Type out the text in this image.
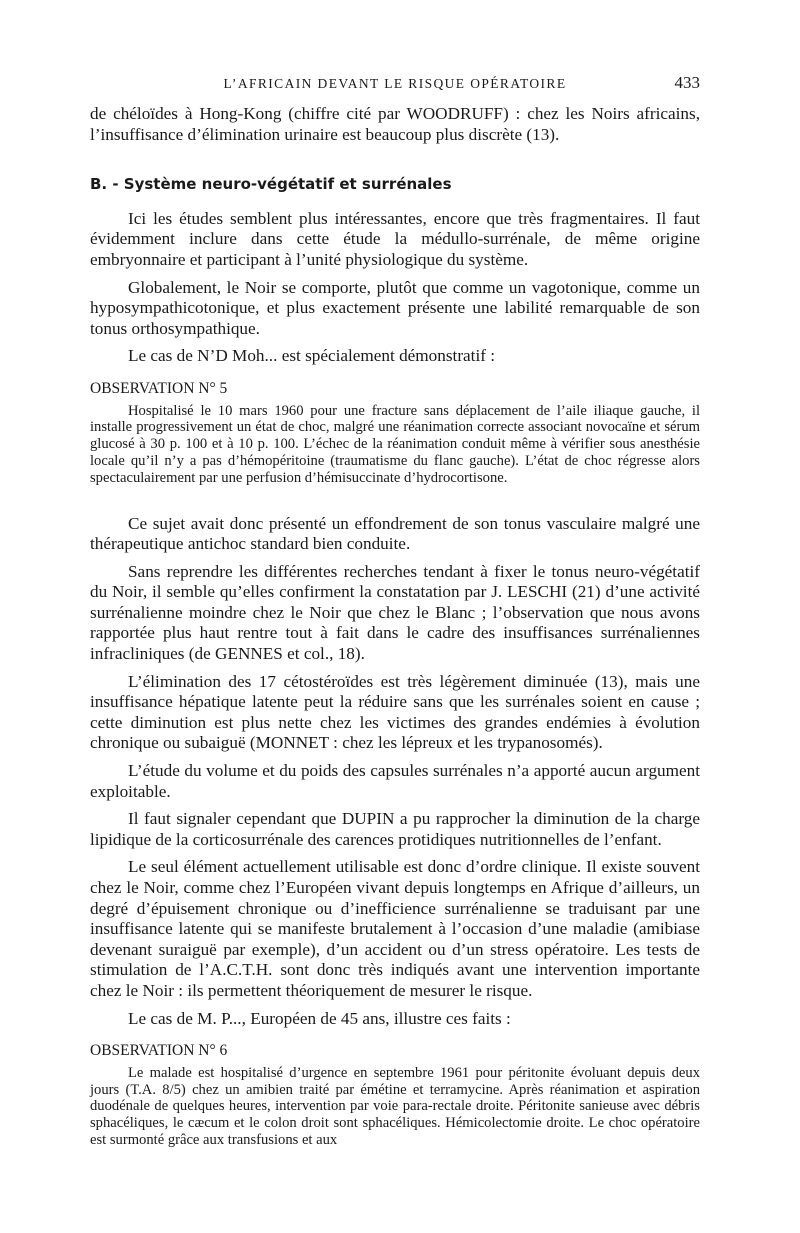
L’AFRICAIN DEVANT LE RISQUE OPÉRATOIRE	433

de chéloïdes à Hong-Kong (chiffre cité par WOODRUFF) : chez les Noirs africains, l’insuffisance d’élimination urinaire est beaucoup plus discrète (13).

B. - Système neuro-végétatif et surrénales

Ici les études semblent plus intéressantes, encore que très fragmentaires. Il faut évidemment inclure dans cette étude la médullo-surrénale, de même origine embryonnaire et participant à l’unité physiologique du système.

Globalement, le Noir se comporte, plutôt que comme un vagotonique, comme un hyposympathicotonique, et plus exactement présente une labilité remarquable de son tonus orthosympathique.

Le cas de N’D Moh... est spécialement démonstratif :

OBSERVATION N° 5

Hospitalisé le 10 mars 1960 pour une fracture sans déplacement de l’aile iliaque gauche, il installe progressivement un état de choc, malgré une réanimation correcte associant novocaïne et sérum glucosé à 30 p. 100 et à 10 p. 100. L’échec de la réanimation conduit même à vérifier sous anesthésie locale qu’il n’y a pas d’hémopéritoine (traumatisme du flanc gauche). L’état de choc régresse alors spectaculairement par une perfusion d’hémisuccinate d’hydrocortisone.

Ce sujet avait donc présenté un effondrement de son tonus vasculaire malgré une thérapeutique antichoc standard bien conduite.

Sans reprendre les différentes recherches tendant à fixer le tonus neuro-végétatif du Noir, il semble qu’elles confirment la constatation par J. LESCHI (21) d’une activité surrénalienne moindre chez le Noir que chez le Blanc ; l’observation que nous avons rapportée plus haut rentre tout à fait dans le cadre des insuffisances surrénaliennes infracliniques (de GENNES et col., 18).

L’élimination des 17 cétostéroïdes est très légèrement diminuée (13), mais une insuffisance hépatique latente peut la réduire sans que les surrénales soient en cause ; cette diminution est plus nette chez les victimes des grandes endémies à évolution chronique ou subaiguë (MONNET : chez les lépreux et les trypanosomés).

L’étude du volume et du poids des capsules surrénales n’a apporté aucun argument exploitable.

Il faut signaler cependant que DUPIN a pu rapprocher la diminution de la charge lipidique de la corticosurrénale des carences protidiques nutritionnelles de l’enfant.

Le seul élément actuellement utilisable est donc d’ordre clinique. Il existe souvent chez le Noir, comme chez l’Européen vivant depuis longtemps en Afrique d’ailleurs, un degré d’épuisement chronique ou d’inefficience surrénalienne se traduisant par une insuffisance latente qui se manifeste brutalement à l’occasion d’une maladie (amibiase devenant suraiguë par exemple), d’un accident ou d’un stress opératoire. Les tests de stimulation de l’A.C.T.H. sont donc très indiqués avant une intervention importante chez le Noir : ils permettent théoriquement de mesurer le risque.

Le cas de M. P..., Européen de 45 ans, illustre ces faits :

OBSERVATION N° 6

Le malade est hospitalisé d’urgence en septembre 1961 pour péritonite évoluant depuis deux jours (T.A. 8/5) chez un amibien traité par émétine et terramycine. Après réanimation et aspiration duodénale de quelques heures, intervention par voie para-rectale droite. Péritonite sanieuse avec débris sphacéliques, le cæcum et le colon droit sont sphacéliques. Hémicolectomie droite. Le choc opératoire est surmonté grâce aux transfusions et aux
